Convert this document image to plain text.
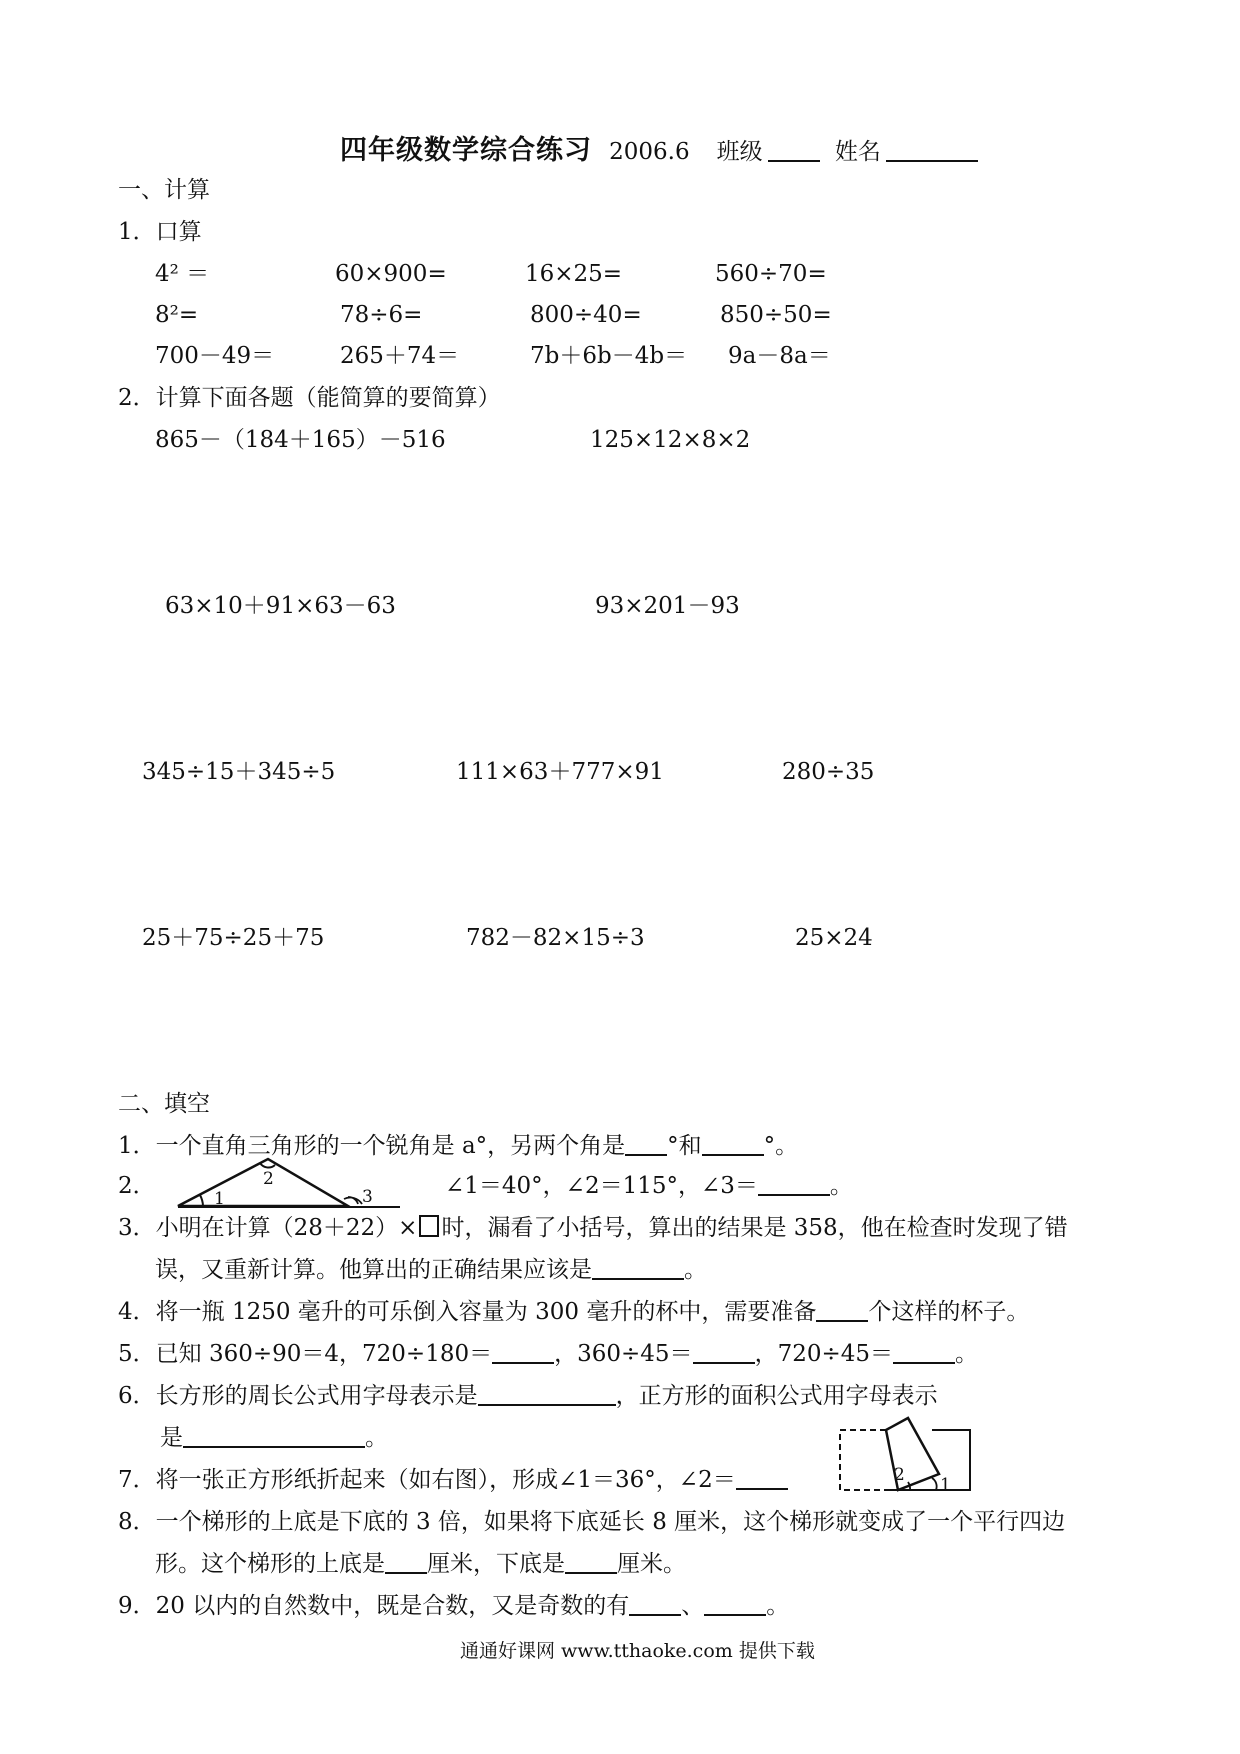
四年级数学综合练习 2006.6 班级	姓名
一、计算
1．口算
4² ＝	60×900=	16×25=	560÷70=
8²=	78÷6=	800÷40=	850÷50=
700－49＝	265＋74＝	7b＋6b－4b＝ 9a－8a＝
2．计算下面各题（能简算的要简算）
865－（184＋165）－516	125×12×8×2
63×10＋91×63－63	93×201－93
345÷15＋345÷5	111×63＋777×91	280÷35
25＋75÷25＋75	782－82×15÷3	25×24
二、填空
1．一个直角三角形的一个锐角是 a°，另两个角是 °和	°。
2．	1
2
3	∠1＝40°，∠2＝115°，∠3＝	。
3．小明在计算（28＋22）× 时，漏看了小括号，算出的结果是 358，他在检查时发现了错
误，又重新计算。他算出的正确结果应该是	。
4．将一瓶 1250 毫升的可乐倒入容量为 300 毫升的杯中，需要准备 个这样的杯子。
5．已知 360÷90＝4，720÷180＝	，360÷45＝	，720÷45＝	。
6．长方形的周长公式用字母表示是	，正方形的面积公式用字母表示
是	。
7．将一张正方形纸折起来（如右图），形成∠1＝36°，∠2＝	2 1
8．一个梯形的上底是下底的 3 倍，如果将下底延长 8 厘米，这个梯形就变成了一个平行四边
形。这个梯形的上底是 厘米，下底是 厘米。
9．20 以内的自然数中，既是合数，又是奇数的有 、	。
通通好课网 www.tthaoke.com 提供下载
